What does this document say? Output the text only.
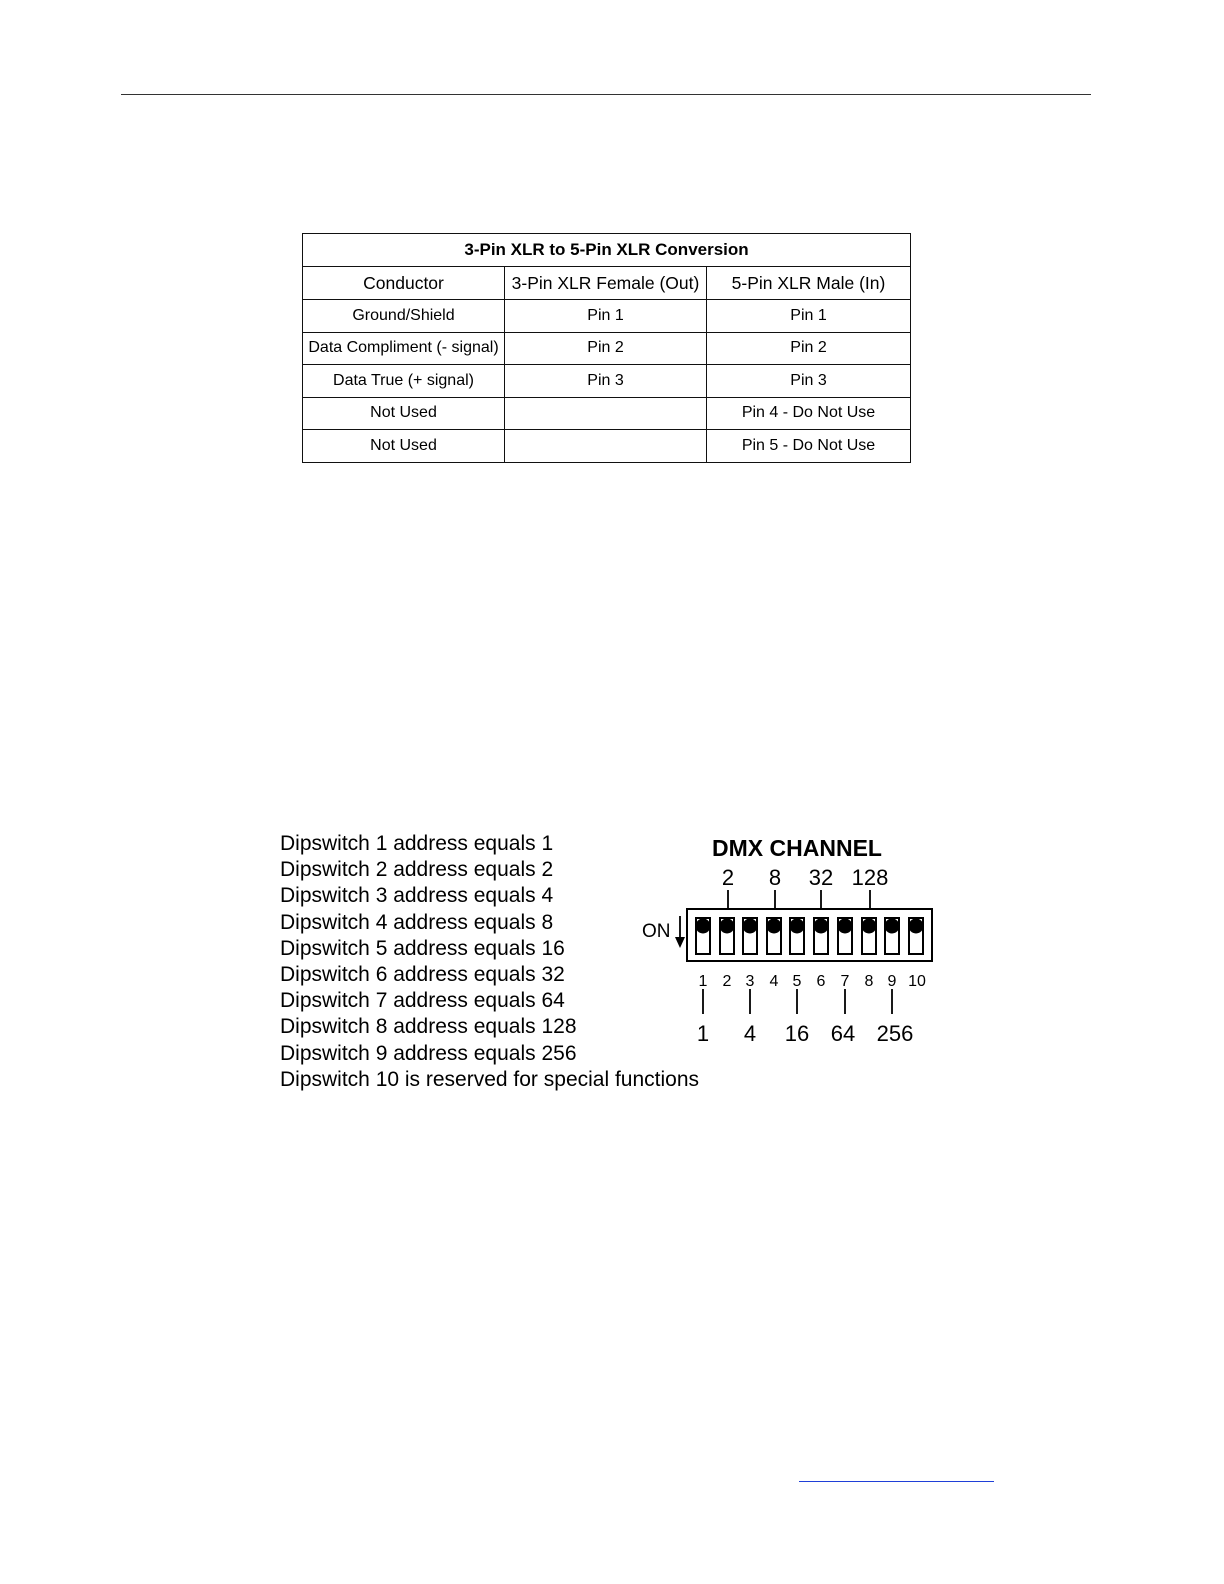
3-Pin XLR to 5-Pin XLR Conversion		
Conductor	3-Pin XLR Female (Out)	5-Pin XLR Male (In)
Ground/Shield	Pin 1	Pin 1
Data Compliment (- signal)	Pin 2	Pin 2
Data True (+ signal)	Pin 3	Pin 3
Not Used		Pin 4 - Do Not Use
Not Used		Pin 5 - Do Not Use
Dipswitch 1 address equals 1
Dipswitch 2 address equals 2
Dipswitch 3 address equals 4
Dipswitch 4 address equals 8
Dipswitch 5 address equals 16
Dipswitch 6 address equals 32
Dipswitch 7 address equals 64
Dipswitch 8 address equals 128
Dipswitch 9 address equals 256
Dipswitch 10 is reserved for special functions
DMX CHANNEL
2 8 32 128
ON
1 2 3 4 5 6 7 8 9 10
1 4 16 64 256
